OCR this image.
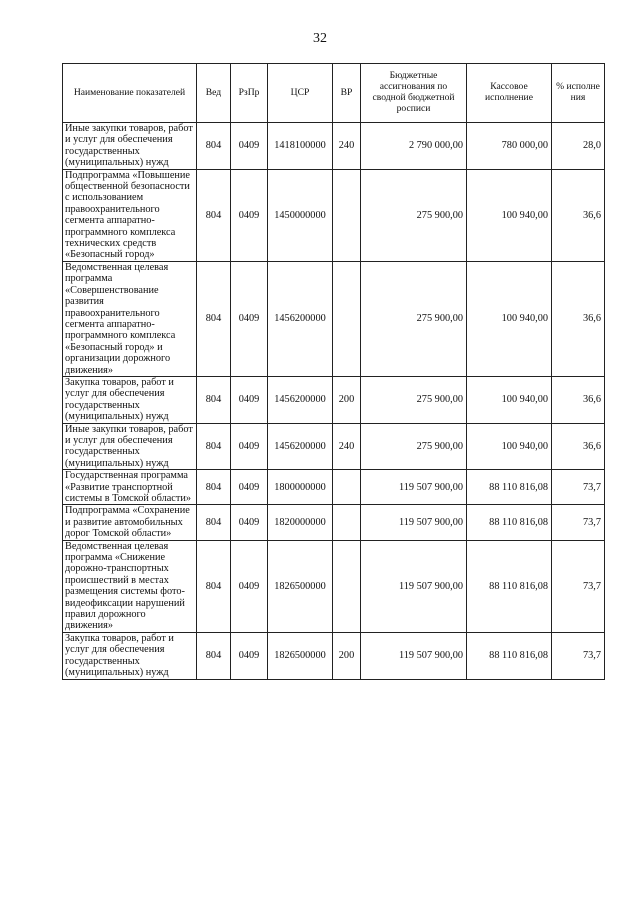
32
Наименование показателей	Вед	РзПр	ЦСР	ВР	Бюджетные ассигнования по сводной бюджетной росписи	Кассовое исполнение	% исполне ния
Иные закупки товаров, работ и услуг для обеспечения государственных (муниципальных) нужд	804	0409	1418100000	240	2 790 000,00	780 000,00	28,0
Подпрограмма «Повышение общественной безопасности с использованием правоохранительного сегмента аппаратно-программного комплекса технических средств «Безопасный город»	804	0409	1450000000		275 900,00	100 940,00	36,6
Ведомственная целевая программа «Совершенствование развития правоохранительного сегмента аппаратно-программного комплекса «Безопасный город» и организации дорожного движения»	804	0409	1456200000		275 900,00	100 940,00	36,6
Закупка товаров, работ и услуг для обеспечения государственных (муниципальных) нужд	804	0409	1456200000	200	275 900,00	100 940,00	36,6
Иные закупки товаров, работ и услуг для обеспечения государственных (муниципальных) нужд	804	0409	1456200000	240	275 900,00	100 940,00	36,6
Государственная программа «Развитие транспортной системы в Томской области»	804	0409	1800000000		119 507 900,00	88 110 816,08	73,7
Подпрограмма «Сохранение и развитие автомобильных дорог Томской области»	804	0409	1820000000		119 507 900,00	88 110 816,08	73,7
Ведомственная целевая программа «Снижение дорожно-транспортных происшествий в местах размещения системы фото-видеофиксации нарушений правил дорожного движения»	804	0409	1826500000		119 507 900,00	88 110 816,08	73,7
Закупка товаров, работ и услуг для обеспечения государственных (муниципальных) нужд	804	0409	1826500000	200	119 507 900,00	88 110 816,08	73,7
